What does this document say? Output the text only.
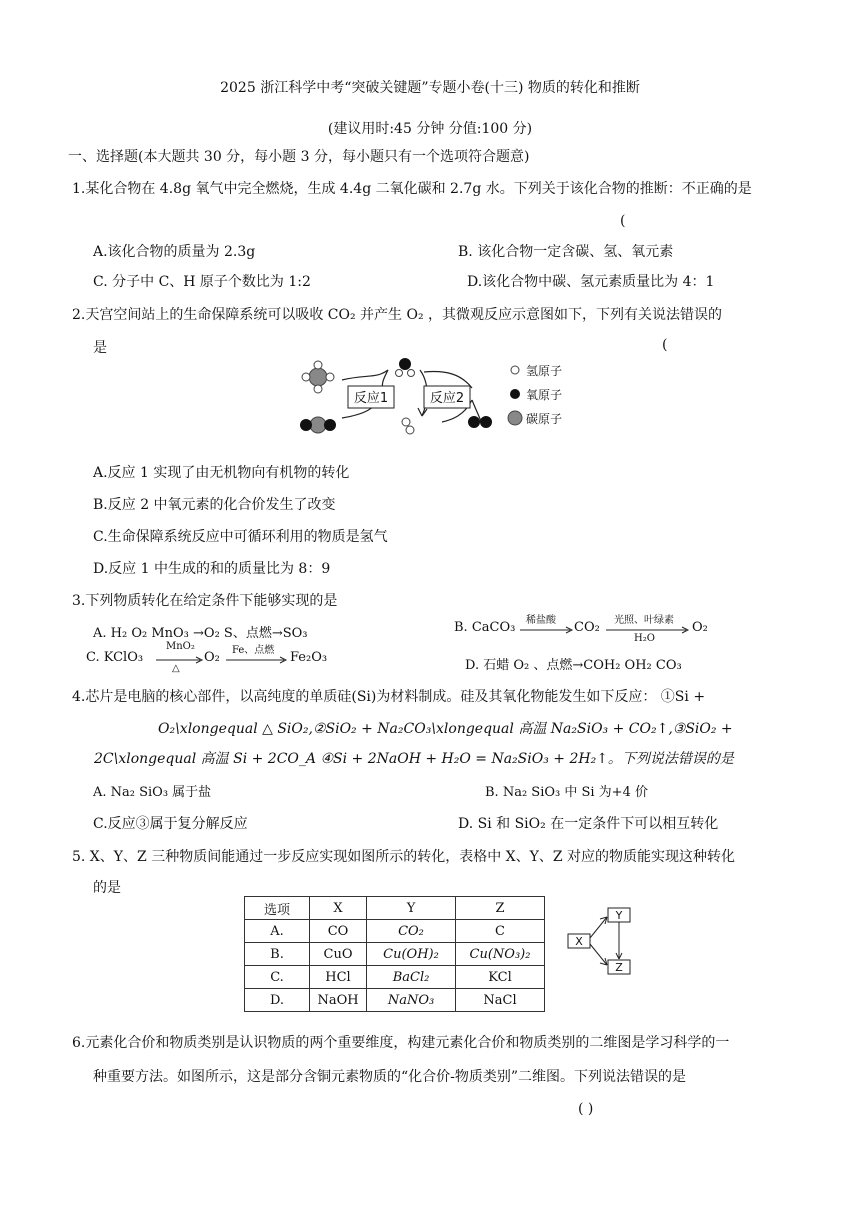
2025 浙江科学中考“突破关键题”专题小卷(十三) 物质的转化和推断
(建议用时:45 分钟 分值:100 分)
一、选择题(本大题共 30 分，每小题 3 分，每小题只有一个选项符合题意)
1.某化合物在 4.8g 氧气中完全燃烧，生成 4.4g 二氧化碳和 2.7g 水。下列关于该化合物的推断：不正确的是
(
A.该化合物的质量为 2.3g	B. 该化合物一定含碳、氢、氧元素
C. 分子中 C、H 原子个数比为 1:2	D.该化合物中碳、氢元素质量比为 4：1
2.天宫空间站上的生命保障系统可以吸收 CO₂ 并产生 O₂ ，其微观反应示意图如下，下列有关说法错误的
是	(
反应1	反应2
氢原子
氧原子
碳原子
A.反应 1 实现了由无机物向有机物的转化
B.反应 2 中氧元素的化合价发生了改变
C.生命保障系统反应中可循环利用的物质是氢气
D.反应 1 中生成的和的质量比为 8：9
3.下列物质转化在给定条件下能够实现的是
A. H₂ O₂ MnO₃ →O₂ S、点燃→SO₃	B. CaCO₃ 稀盐酸 CO₂ 光照、叶绿素
H₂O
O₂
C. KClO₃
MnO₂
△
O₂ Fe、点燃 Fe₂O₃
D. 石蜡 O₂ 、点燃→COH₂ OH₂ CO₃
4.芯片是电脑的核心部件，以高纯度的单质硅(Si)为材料制成。硅及其氧化物能发生如下反应： ①Si +
O₂\xlongequal △ SiO₂,②SiO₂ + Na₂CO₃\xlongequal 高温 Na₂SiO₃ + CO₂↑,③SiO₂ +
2C\xlongequal 高温 Si + 2CO_A ④Si + 2NaOH + H₂O = Na₂SiO₃ + 2H₂↑。下列说法错误的是
A. Na₂ SiO₃ 属于盐	B. Na₂ SiO₃ 中 Si 为+4 价
C.反应③属于复分解反应	D. Si 和 SiO₂ 在一定条件下可以相互转化
5. X、Y、Z 三种物质间能通过一步反应实现如图所示的转化，表格中 X、Y、Z 对应的物质能实现这种转化
的是
选项	X	Y	Z
A.	CO	CO₂	C
B.	CuO	Cu(OH)₂	Cu(NO₃)₂
C.	HCl	BaCl₂	KCl
D.	NaOH	NaNO₃	NaCl
Y
X
Z
6.元素化合价和物质类别是认识物质的两个重要维度，构建元素化合价和物质类别的二维图是学习科学的一
种重要方法。如图所示，这是部分含铜元素物质的“化合价-物质类别”二维图。下列说法错误的是
( )
